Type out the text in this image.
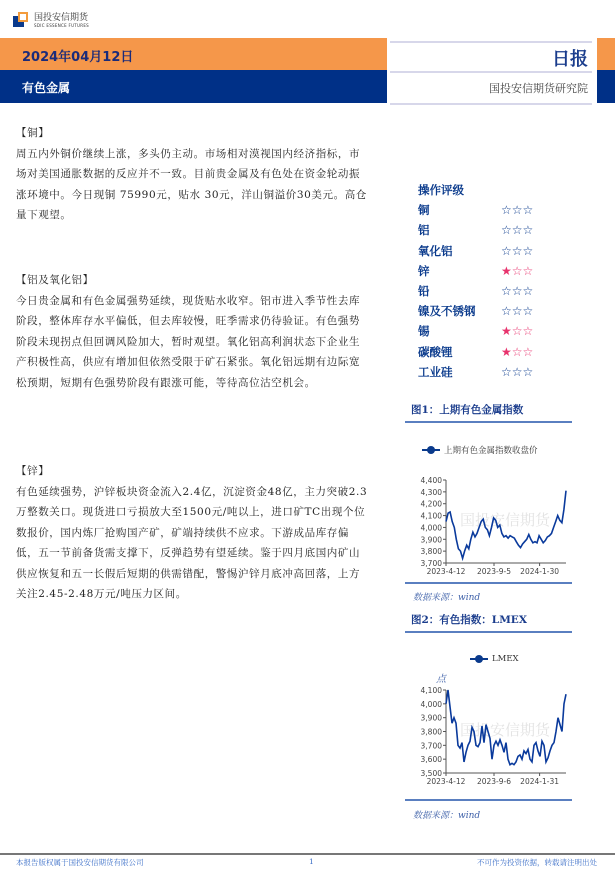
国投安信期货
SDIC ESSENCE FUTURES
2024年04月12日
有色金属
日报
国投安信期货研究院
【铜】

周五内外铜价继续上涨，多头仍主动。市场相对漠视国内经济指标，市场对美国通胀数据的反应并不一致。目前贵金属及有色处在资金轮动振涨环境中。今日现铜 75990元，贴水 30元，洋山铜溢价30美元。高仓量下观望。

【铝及氧化铝】

今日贵金属和有色金属强势延续，现货贴水收窄。铝市进入季节性去库阶段，整体库存水平偏低，但去库较慢，旺季需求仍待验证。有色强势阶段未现拐点但回调风险加大，暂时观望。氧化铝高利润状态下企业生产积极性高，供应有增加但依然受限于矿石紧张。氧化铝远期有边际宽松预期，短期有色强势阶段有跟涨可能，等待高位沽空机会。

【锌】

有色延续强势，沪锌板块资金流入2.4亿，沉淀资金48亿，主力突破2.3万整数关口。现货进口亏损放大至1500元/吨以上，进口矿TC出现个位数报价，国内炼厂抢购国产矿，矿端持续供不应求。下游成品库存偏低，五一节前备货需支撑下，反弹趋势有望延续。鉴于四月底国内矿山供应恢复和五一长假后短期的供需错配，警惕沪锌月底冲高回落，上方关注2.45-2.48万元/吨压力区间。

操作评级
铜	☆ ☆ ☆
铝	☆ ☆ ☆
氧化铝	☆ ☆ ☆
锌	★ ☆ ☆
铅	☆ ☆ ☆
镍及不锈钢	☆ ☆ ☆
锡	★ ☆ ☆
碳酸锂	★ ☆ ☆
工业硅	☆ ☆ ☆
图1：上期有色金属指数
上期有色金属指数收盘价
国投安信期货
3,700
3,800
3,900
4,000
4,100
4,200
4,300
4,400
2023-4-12 2023-9-5 2024-1-30
数据来源：wind
图2：有色指数：LMEX
LMEX
点
国投安信期货
3,500
3,600
3,700
3,800
3,900
4,000
4,100
2023-4-12 2023-9-6 2024-1-31
数据来源：wind
本报告版权属于国投安信期货有限公司	1	不可作为投资依据，转载请注明出处
